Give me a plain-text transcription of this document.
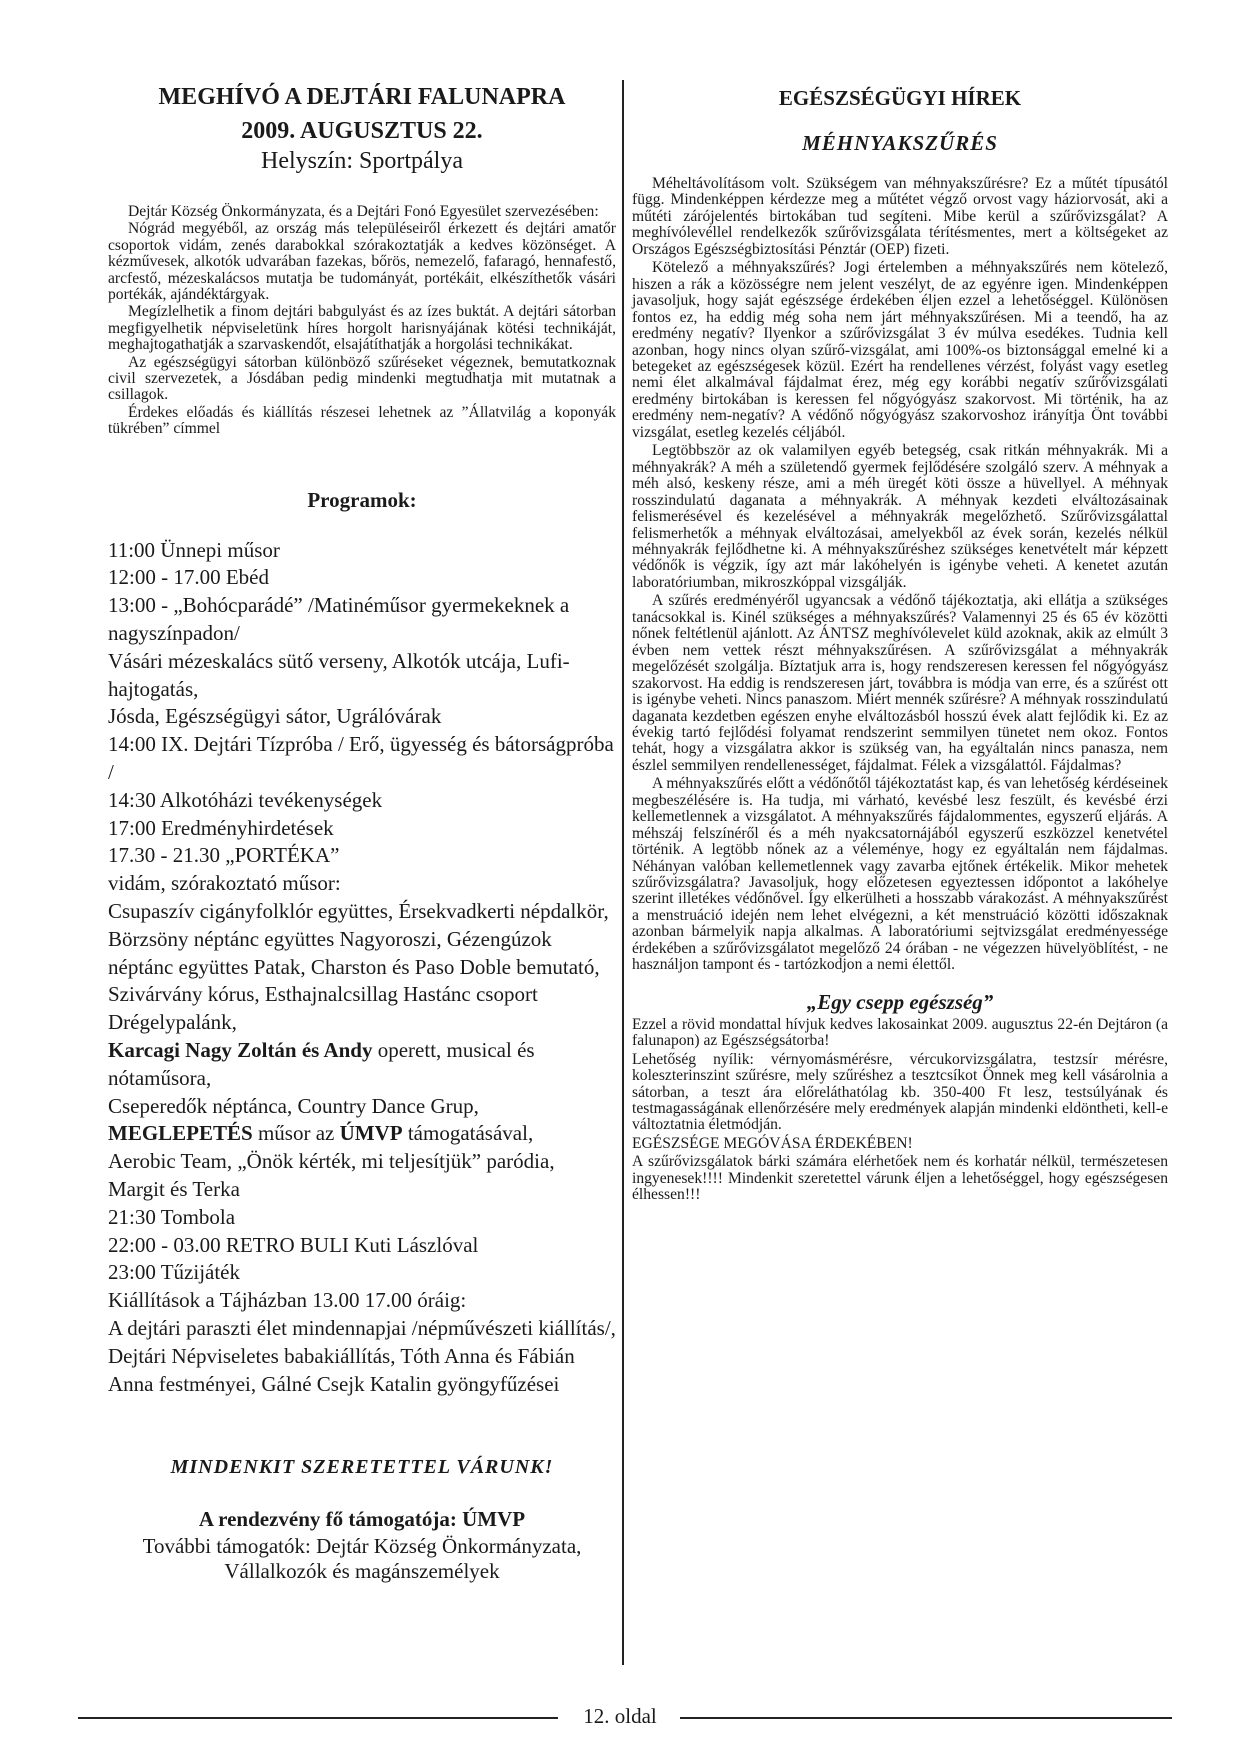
MEGHÍVÓ A DEJTÁRI FALUNAPRA
2009. AUGUSZTUS 22.
Helyszín: Sportpálya

Dejtár Község Önkormányzata, és a Dejtári Fonó Egyesület szervezésében:

Nógrád megyéből, az ország más településeiről érkezett és dejtári amatőr csoportok vidám, zenés darabokkal szórakoztatják a kedves közönséget. A kézművesek, alkotók udvarában fazekas, bőrös, nemezelő, fafaragó, hennafestő, arcfestő, mézeskalácsos mutatja be tudományát, portékáit, elkészíthetők vásári portékák, ajándéktárgyak.

Megízlelhetik a finom dejtári babgulyást és az ízes buktát. A dejtári sátorban megfigyelhetik népviseletünk híres horgolt harisnyájának kötési technikáját, meghajtogathatják a szarvaskendőt, elsajátíthatják a horgolási technikákat.

Az egészségügyi sátorban különböző szűréseket végeznek, bemutatkoznak civil szervezetek, a Jósdában pedig mindenki megtudhatja mit mutatnak a csillagok.

Érdekes előadás és kiállítás részesei lehetnek az ”Állatvilág a koponyák tükrében” címmel

Programok:
11:00 Ünnepi műsor
12:00 - 17.00 Ebéd
13:00 - „Bohócparádé” /Matinéműsor gyermekeknek a nagyszínpadon/
Vásári mézeskalács sütő verseny, Alkotók utcája, Lufi-hajtogatás,
Jósda, Egészségügyi sátor, Ugrálóvárak
14:00 IX. Dejtári Tízpróba / Erő, ügyesség és bátorságpróba /
14:30 Alkotóházi tevékenységek
17:00 Eredményhirdetések
17.30 - 21.30 „PORTÉKA”
vidám, szórakoztató műsor:
Csupaszív cigányfolklór együttes, Érsekvadkerti népdalkör, Börzsöny néptánc együttes Nagyoroszi, Gézengúzok néptánc együttes Patak, Charston és Paso Doble bemutató, Szivárvány kórus, Esthajnalcsillag Hastánc csoport Drégelypalánk,
Karcagi Nagy Zoltán és Andy operett, musical és nótaműsora,
Cseperedők néptánca, Country Dance Grup,
MEGLEPETÉS műsor az ÚMVP támogatásával,
Aerobic Team, „Önök kérték, mi teljesítjük” paródia, Margit és Terka
21:30 Tombola
22:00 - 03.00 RETRO BULI Kuti Lászlóval
23:00 Tűzijáték
Kiállítások a Tájházban 13.00 17.00 óráig:
A dejtári paraszti élet mindennapjai /népművészeti kiállítás/, Dejtári Népviseletes babakiállítás, Tóth Anna és Fábián Anna festményei, Gálné Csejk Katalin gyöngyfűzései
MINDENKIT SZERETETTEL VÁRUNK!
A rendezvény fő támogatója: ÚMVP
További támogatók: Dejtár Község Önkormányzata, Vállalkozók és magánszemélyek
EGÉSZSÉGÜGYI HÍREK
MÉHNYAKSZŰRÉS

Méheltávolításom volt. Szükségem van méhnyakszűrésre? Ez a műtét típusától függ. Mindenképpen kérdezze meg a műtétet végző orvost vagy háziorvosát, aki a műtéti zárójelentés birtokában tud segíteni. Mibe kerül a szűrővizsgálat? A meghívólevéllel rendelkezők szűrővizsgálata térítésmentes, mert a költségeket az Országos Egészségbiztosítási Pénztár (OEP) fizeti.

Kötelező a méhnyakszűrés? Jogi értelemben a méhnyakszűrés nem kötelező, hiszen a rák a közösségre nem jelent veszélyt, de az egyénre igen. Mindenképpen javasoljuk, hogy saját egészsége érdekében éljen ezzel a lehetőséggel. Különösen fontos ez, ha eddig még soha nem járt méhnyakszűrésen. Mi a teendő, ha az eredmény negatív? Ilyenkor a szűrővizsgálat 3 év múlva esedékes. Tudnia kell azonban, hogy nincs olyan szűrő-vizsgálat, ami 100%-os biztonsággal emelné ki a betegeket az egészségesek közül. Ezért ha rendellenes vérzést, folyást vagy esetleg nemi élet alkalmával fájdalmat érez, még egy korábbi negatív szűrővizsgálati eredmény birtokában is keressen fel nőgyógyász szakorvost. Mi történik, ha az eredmény nem-negatív? A védőnő nőgyógyász szakorvoshoz irányítja Önt további vizsgálat, esetleg kezelés céljából.

Legtöbbször az ok valamilyen egyéb betegség, csak ritkán méhnyakrák. Mi a méhnyakrák? A méh a születendő gyermek fejlődésére szolgáló szerv. A méhnyak a méh alsó, keskeny része, ami a méh üregét köti össze a hüvellyel. A méhnyak rosszindulatú daganata a méhnyakrák. A méhnyak kezdeti elváltozásainak felismerésével és kezelésével a méhnyakrák megelőzhető. Szűrővizsgálattal felismerhetők a méhnyak elváltozásai, amelyekből az évek során, kezelés nélkül méhnyakrák fejlődhetne ki. A méhnyakszűréshez szükséges kenetvételt már képzett védőnők is végzik, így azt már lakóhelyén is igénybe veheti. A kenetet azután laboratóriumban, mikroszkóppal vizsgálják.

A szűrés eredményéről ugyancsak a védőnő tájékoztatja, aki ellátja a szükséges tanácsokkal is. Kinél szükséges a méhnyakszűrés? Valamennyi 25 és 65 év közötti nőnek feltétlenül ajánlott. Az ÁNTSZ meghívólevelet küld azoknak, akik az elmúlt 3 évben nem vettek részt méhnyakszűrésen. A szűrővizsgálat a méhnyakrák megelőzését szolgálja. Bíztatjuk arra is, hogy rendszeresen keressen fel nőgyógyász szakorvost. Ha eddig is rendszeresen járt, továbbra is módja van erre, és a szűrést ott is igénybe veheti. Nincs panaszom. Miért mennék szűrésre? A méhnyak rosszindulatú daganata kezdetben egészen enyhe elváltozásból hosszú évek alatt fejlődik ki. Ez az évekig tartó fejlődési folyamat rendszerint semmilyen tünetet nem okoz. Fontos tehát, hogy a vizsgálatra akkor is szükség van, ha egyáltalán nincs panasza, nem észlel semmilyen rendellenességet, fájdalmat. Félek a vizsgálattól. Fájdalmas?

A méhnyakszűrés előtt a védőnőtől tájékoztatást kap, és van lehetőség kérdéseinek megbeszélésére is. Ha tudja, mi várható, kevésbé lesz feszült, és kevésbé érzi kellemetlennek a vizsgálatot. A méhnyakszűrés fájdalommentes, egyszerű eljárás. A méhszáj felszínéről és a méh nyakcsatornájából egyszerű eszközzel kenetvétel történik. A legtöbb nőnek az a véleménye, hogy ez egyáltalán nem fájdalmas. Néhányan valóban kellemetlennek vagy zavarba ejtőnek értékelik. Mikor mehetek szűrővizsgálatra? Javasoljuk, hogy előzetesen egyeztessen időpontot a lakóhelye szerint illetékes védőnővel. Így elkerülheti a hosszabb várakozást. A méhnyakszűrést a menstruáció idején nem lehet elvégezni, a két menstruáció közötti időszaknak azonban bármelyik napja alkalmas. A laboratóriumi sejtvizsgálat eredményessége érdekében a szűrővizsgálatot megelőző 24 órában - ne végezzen hüvelyöblítést, - ne használjon tampont és - tartózkodjon a nemi élettől.

„Egy csepp egészség”

Ezzel a rövid mondattal hívjuk kedves lakosainkat 2009. augusztus 22-én Dejtáron (a falunapon) az Egészségsátorba!

Lehetőség nyílik: vérnyomásmérésre, vércukorvizsgálatra, testzsír mérésre, koleszterinszint szűrésre, mely szűréshez a tesztcsíkot Önnek meg kell vásárolnia a sátorban, a teszt ára előreláthatólag kb. 350-400 Ft lesz, testsúlyának és testmagasságának ellenőrzésére mely eredmények alapján mindenki eldöntheti, kell-e változtatnia életmódján.

EGÉSZSÉGE MEGÓVÁSA ÉRDEKÉBEN!

A szűrővizsgálatok bárki számára elérhetőek nem és korhatár nélkül, természetesen ingyenesek!!!! Mindenkit szeretettel várunk éljen a lehetőséggel, hogy egészségesen élhessen!!!

12. oldal
